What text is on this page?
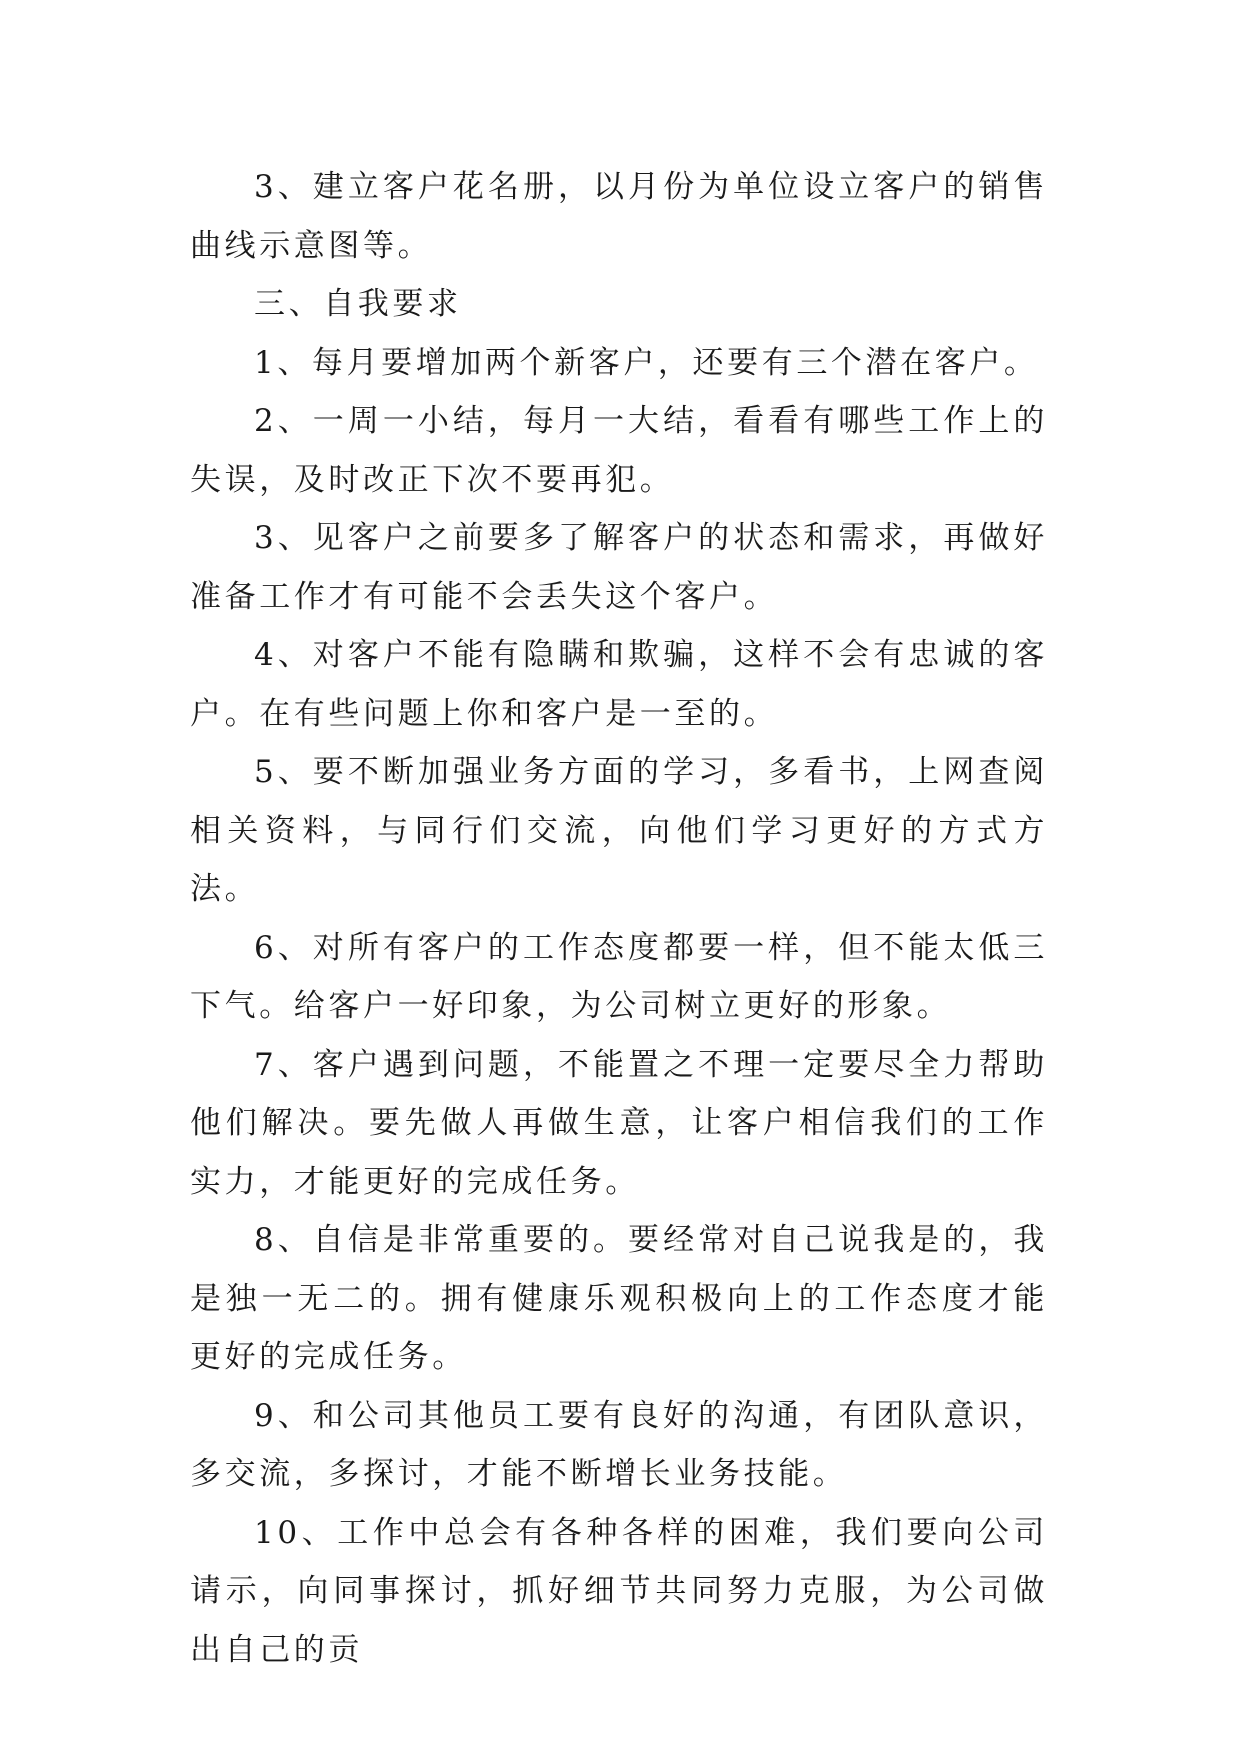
3、建立客户花名册，以月份为单位设立客户的销售曲线示意图等。

三、自我要求

1、每月要增加两个新客户，还要有三个潜在客户。

2、一周一小结，每月一大结，看看有哪些工作上的失误，及时改正下次不要再犯。

3、见客户之前要多了解客户的状态和需求，再做好准备工作才有可能不会丢失这个客户。

4、对客户不能有隐瞒和欺骗，这样不会有忠诚的客户。在有些问题上你和客户是一至的。

5、要不断加强业务方面的学习，多看书，上网查阅相关资料，与同行们交流，向他们学习更好的方式方法。

6、对所有客户的工作态度都要一样，但不能太低三下气。给客户一好印象，为公司树立更好的形象。

7、客户遇到问题，不能置之不理一定要尽全力帮助他们解决。要先做人再做生意，让客户相信我们的工作实力，才能更好的完成任务。

8、自信是非常重要的。要经常对自己说我是的，我是独一无二的。拥有健康乐观积极向上的工作态度才能更好的完成任务。

9、和公司其他员工要有良好的沟通，有团队意识，多交流，多探讨，才能不断增长业务技能。

10、工作中总会有各种各样的困难，我们要向公司请示，向同事探讨，抓好细节共同努力克服，为公司做出自己的贡
